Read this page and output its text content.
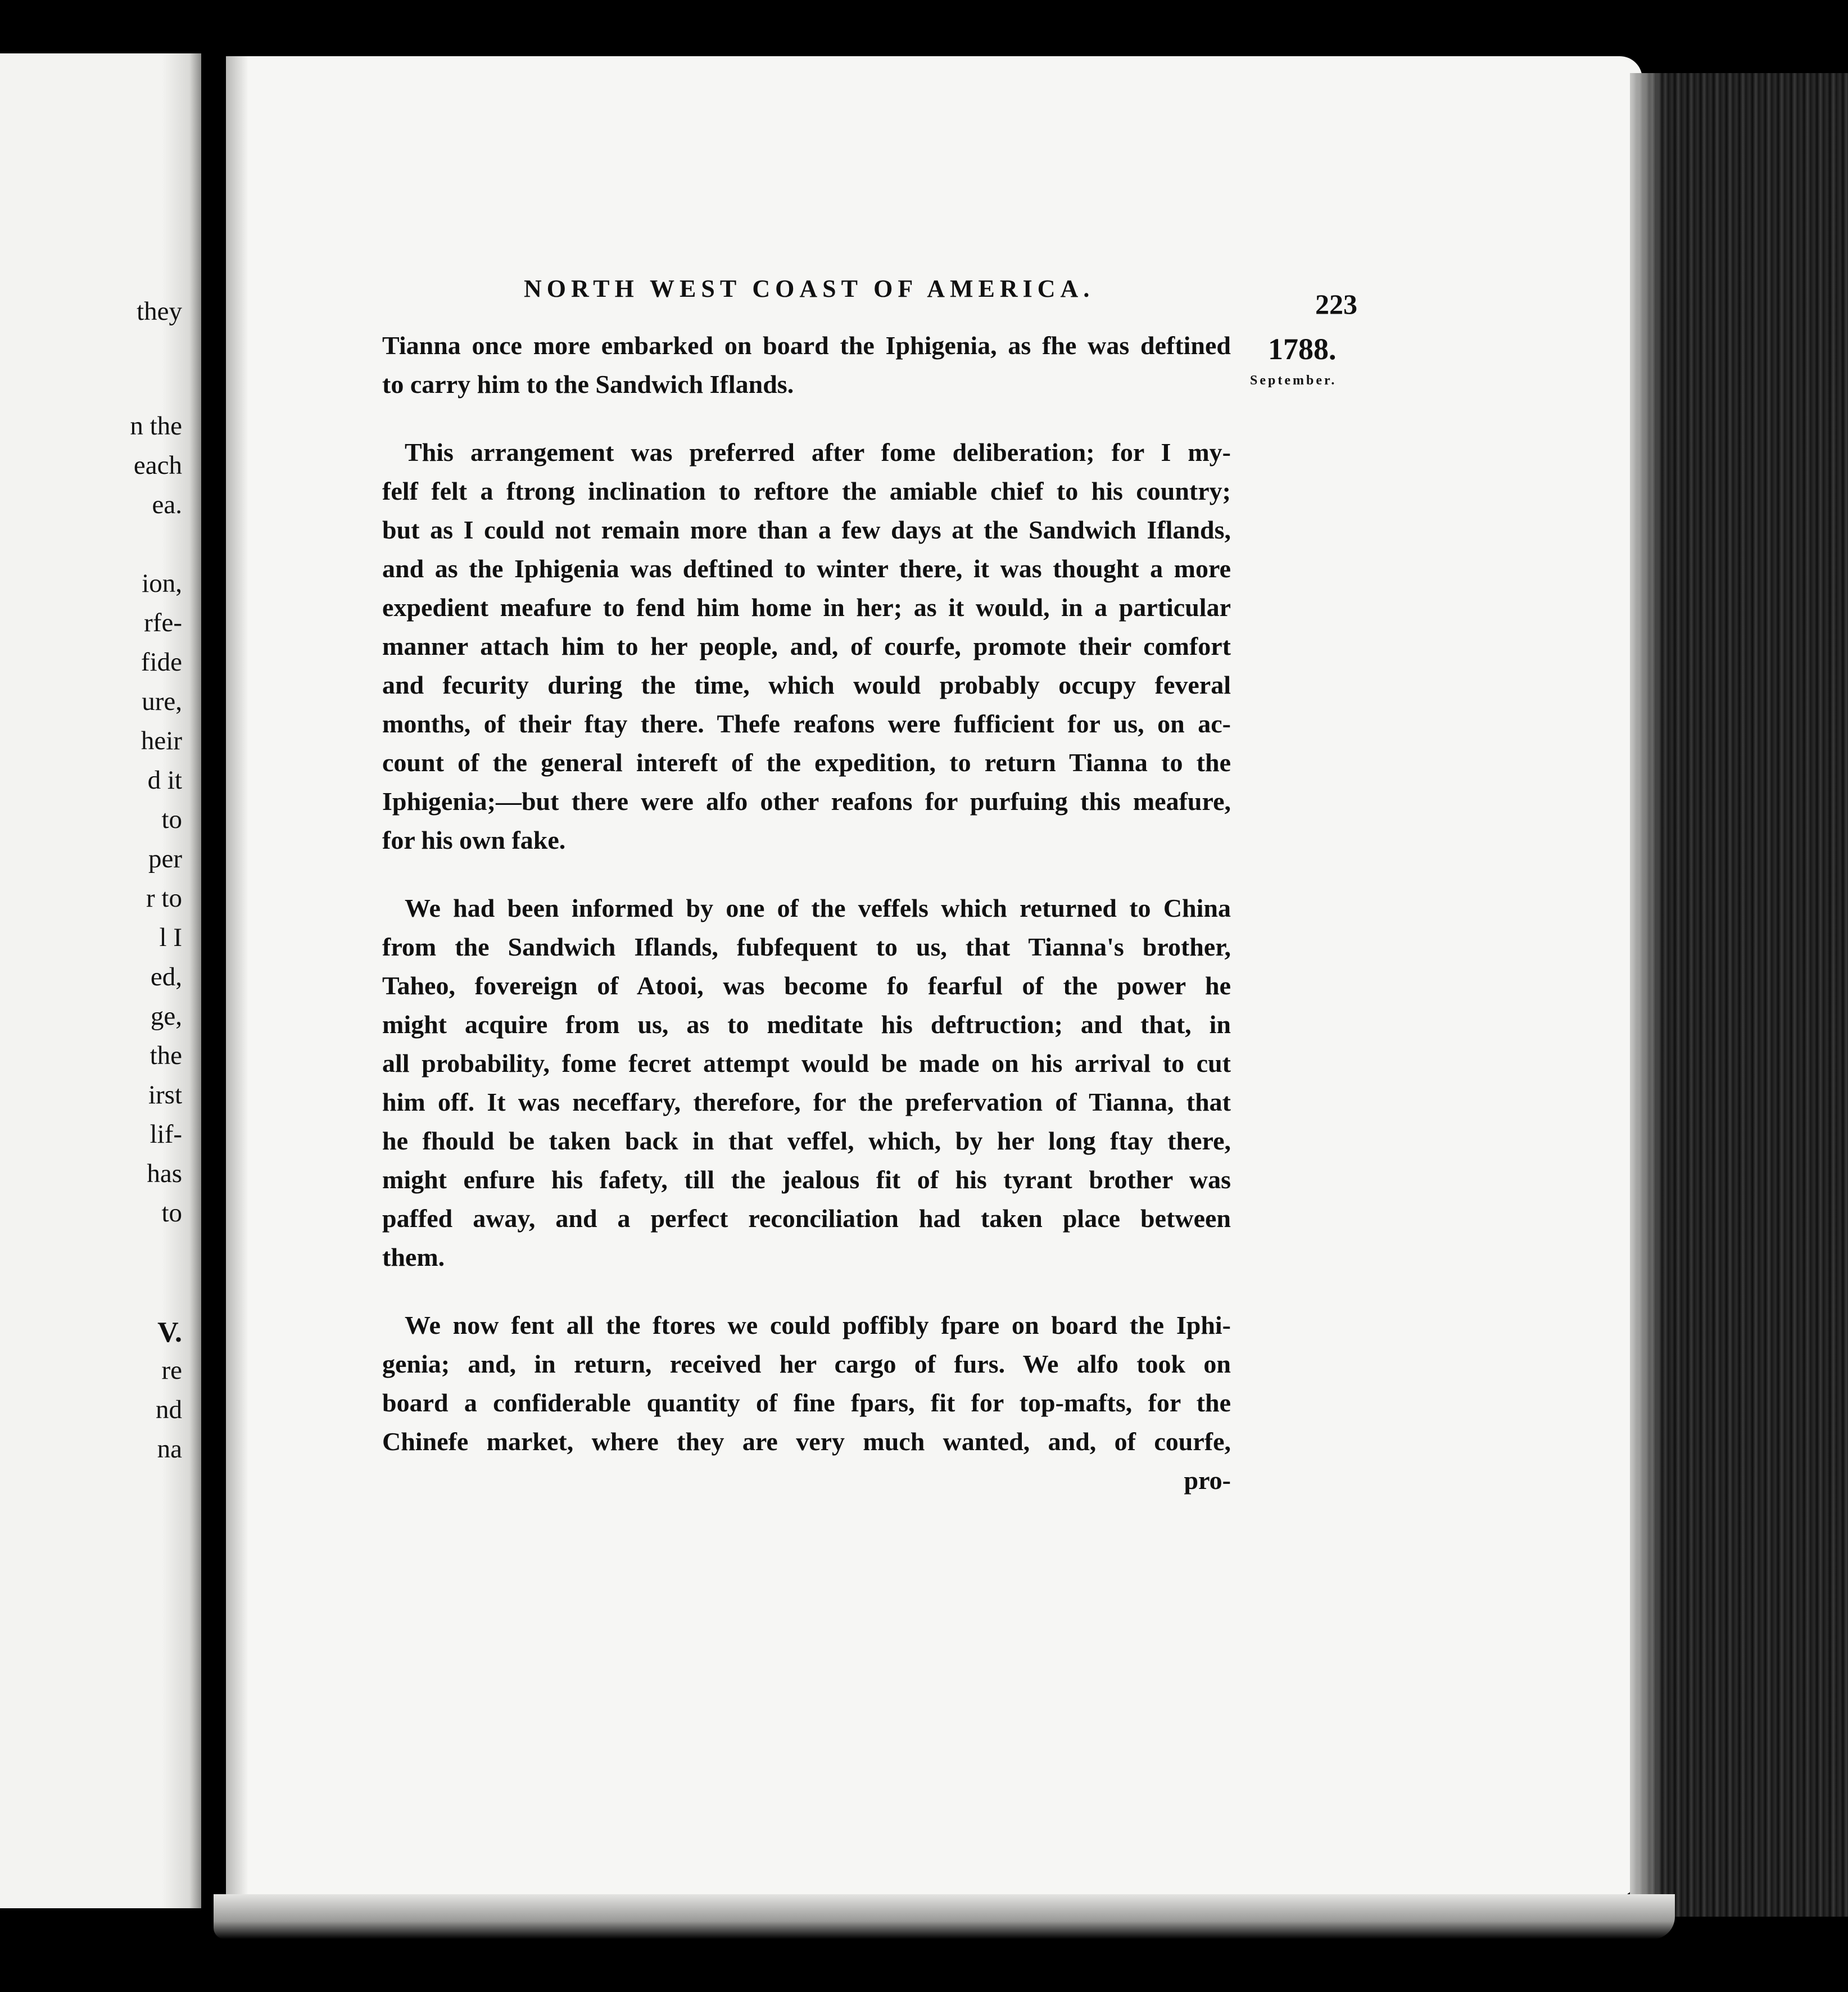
they
n the
each
ea.
ion,
rfe-
fide
ure,
heir
d it
to
per
r to
l I
ed,
ge,
the
irst
lif-
has
to
V.
re
nd
na
NORTH WEST COAST OF AMERICA.	223
1788.
September.
Tianna once more embarked on board the Iphigenia, as fhe was deftined
to carry him to the Sandwich Iflands.
This arrangement was preferred after fome deliberation; for I my-
felf felt a ftrong inclination to reftore the amiable chief to his country;
but as I could not remain more than a few days at the Sandwich Iflands,
and as the Iphigenia was deftined to winter there, it was thought a more
expedient meafure to fend him home in her; as it would, in a particular
manner attach him to her people, and, of courfe, promote their comfort
and fecurity during the time, which would probably occupy feveral
months, of their ftay there. Thefe reafons were fufficient for us, on ac-
count of the general intereft of the expedition, to return Tianna to the
Iphigenia;—but there were alfo other reafons for purfuing this meafure,
for his own fake.
We had been informed by one of the veffels which returned to China
from the Sandwich Iflands, fubfequent to us, that Tianna's brother,
Taheo, fovereign of Atooi, was become fo fearful of the power he
might acquire from us, as to meditate his deftruction; and that, in
all probability, fome fecret attempt would be made on his arrival to cut
him off. It was neceffary, therefore, for the prefervation of Tianna, that
he fhould be taken back in that veffel, which, by her long ftay there,
might enfure his fafety, till the jealous fit of his tyrant brother was
paffed away, and a perfect reconciliation had taken place between
them.
We now fent all the ftores we could poffibly fpare on board the Iphi-
genia; and, in return, received her cargo of furs. We alfo took on
board a confiderable quantity of fine fpars, fit for top-mafts, for the
Chinefe market, where they are very much wanted, and, of courfe,
pro-
